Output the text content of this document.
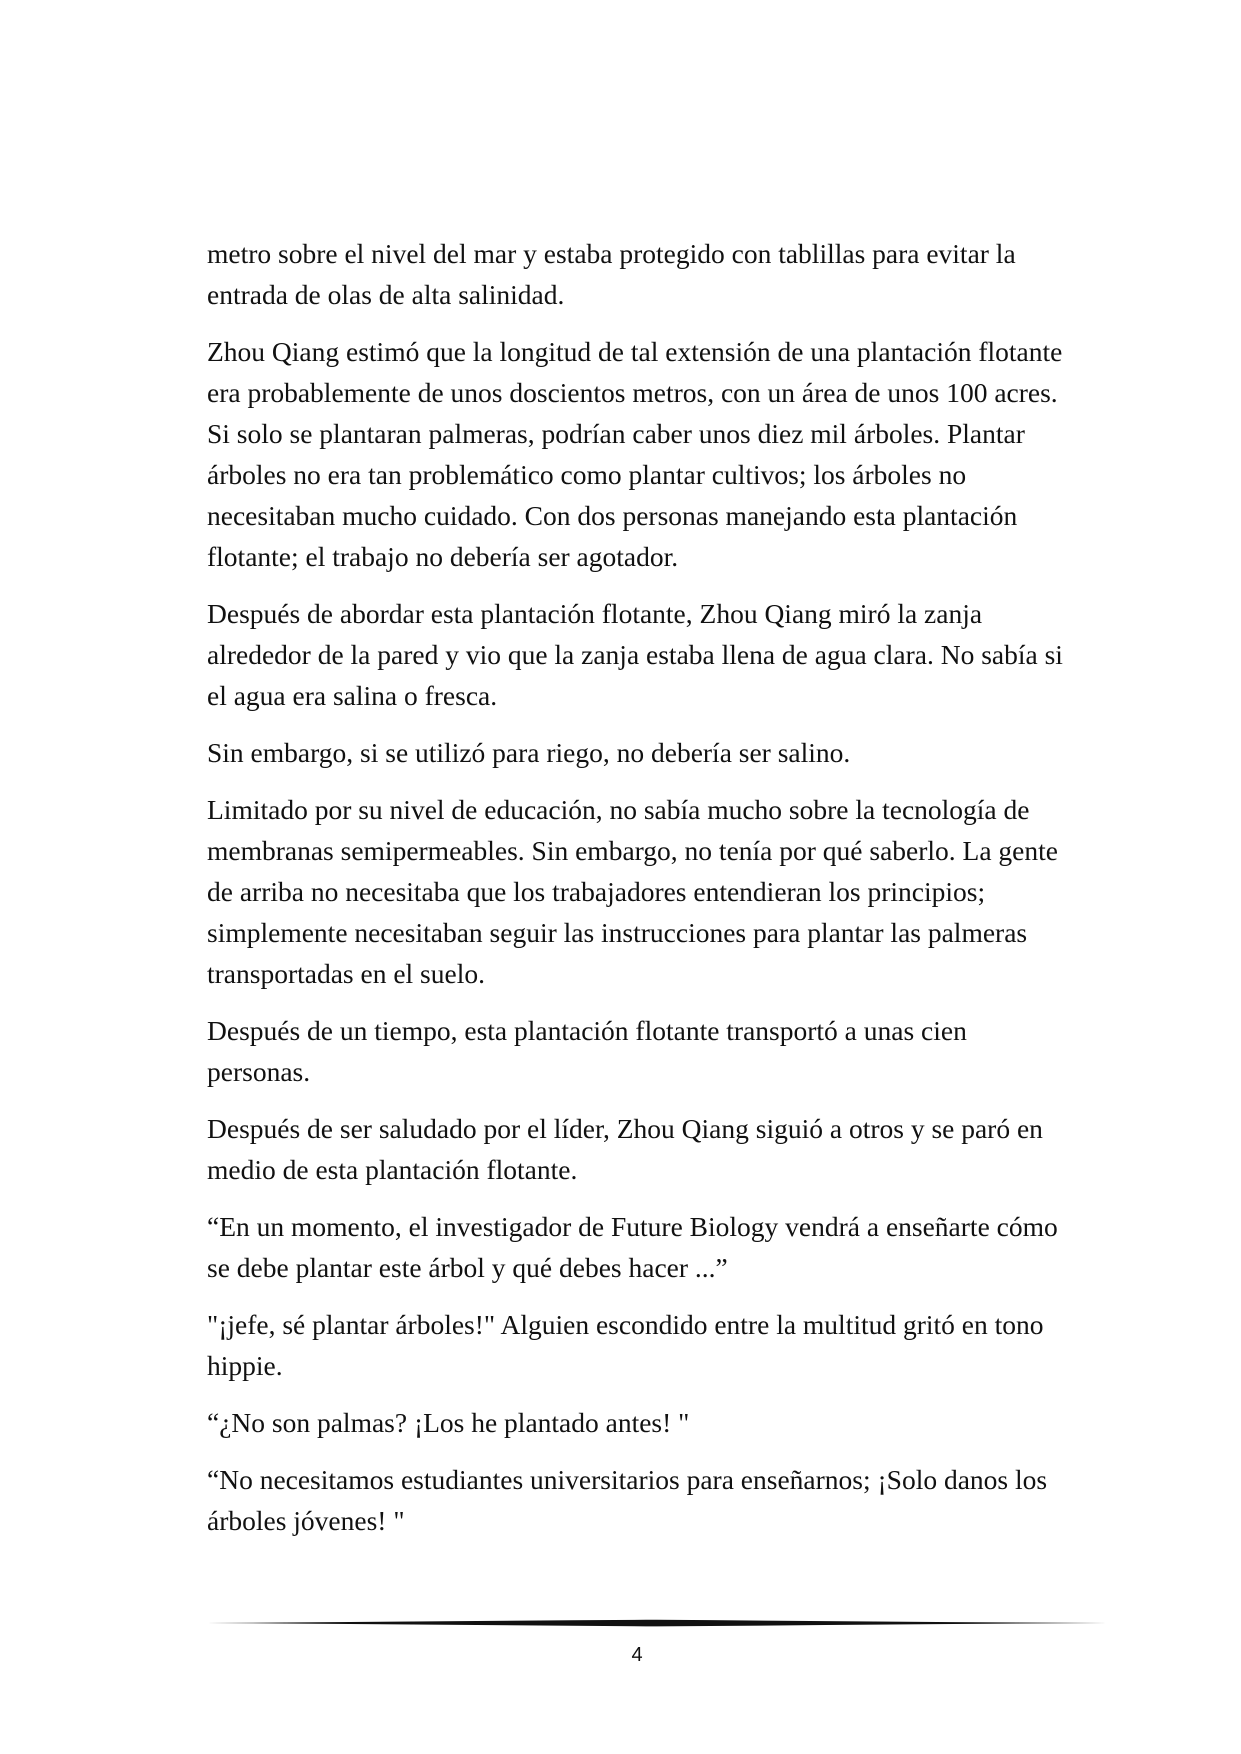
metro sobre el nivel del mar y estaba protegido con tablillas para evitar la entrada de olas de alta salinidad.

Zhou Qiang estimó que la longitud de tal extensión de una plantación flotante era probablemente de unos doscientos metros, con un área de unos 100 acres. Si solo se plantaran palmeras, podrían caber unos diez mil árboles. Plantar árboles no era tan problemático como plantar cultivos; los árboles no necesitaban mucho cuidado. Con dos personas manejando esta plantación flotante; el trabajo no debería ser agotador.

Después de abordar esta plantación flotante, Zhou Qiang miró la zanja alrededor de la pared y vio que la zanja estaba llena de agua clara. No sabía si el agua era salina o fresca.

Sin embargo, si se utilizó para riego, no debería ser salino.

Limitado por su nivel de educación, no sabía mucho sobre la tecnología de membranas semipermeables. Sin embargo, no tenía por qué saberlo. La gente de arriba no necesitaba que los trabajadores entendieran los principios; simplemente necesitaban seguir las instrucciones para plantar las palmeras transportadas en el suelo.

Después de un tiempo, esta plantación flotante transportó a unas cien personas.

Después de ser saludado por el líder, Zhou Qiang siguió a otros y se paró en medio de esta plantación flotante.

“En un momento, el investigador de Future Biology vendrá a enseñarte cómo se debe plantar este árbol y qué debes hacer ...”

"¡jefe, sé plantar árboles!" Alguien escondido entre la multitud gritó en tono hippie.

“¿No son palmas? ¡Los he plantado antes! "

“No necesitamos estudiantes universitarios para enseñarnos; ¡Solo danos los árboles jóvenes! "

4
